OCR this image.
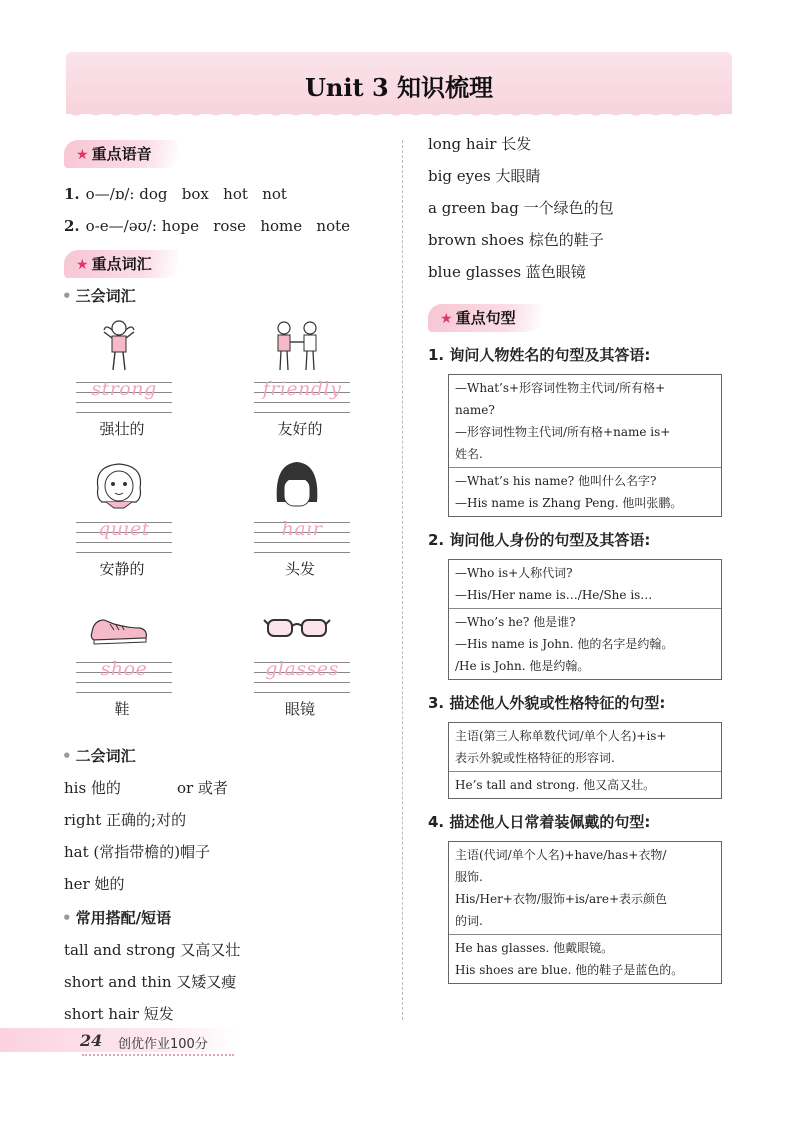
Unit 3 知识梳理
★ 重点语音

1. o—/ɒ/: dog   box   hot   not

2. o-e—/əʊ/: hope   rose   home   note

★ 重点词汇
• 三会词汇
strong
强壮的
friendly
友好的
quiet
安静的
hair
头发
shoe
鞋
glasses
眼镜
• 二会词汇

his 他的	or 或者

right 正确的;对的

hat (常指带檐的)帽子

her 她的

• 常用搭配/短语

tall and strong 又高又壮

short and thin 又矮又瘦

short hair 短发

long hair 长发

big eyes 大眼睛

a green bag 一个绿色的包

brown shoes 棕色的鞋子

blue glasses 蓝色眼镜

★ 重点句型
1. 询问人物姓名的句型及其答语:
—What’s+形容词性物主代词/所有格+
name?
—形容词性物主代词/所有格+name is+
姓名.
—What’s his name? 他叫什么名字?
—His name is Zhang Peng. 他叫张鹏。
2. 询问他人身份的句型及其答语:
—Who is+人称代词?
—His/Her name is…/He/She is…
—Who’s he? 他是谁?
—His name is John. 他的名字是约翰。
/He is John. 他是约翰。
3. 描述他人外貌或性格特征的句型:
主语(第三人称单数代词/单个人名)+is+
表示外貌或性格特征的形容词.
He’s tall and strong. 他又高又壮。
4. 描述他人日常着装佩戴的句型:
主语(代词/单个人名)+have/has+衣物/
服饰.
His/Her+衣物/服饰+is/are+表示颜色
的词.
He has glasses. 他戴眼镜。
His shoes are blue. 他的鞋子是蓝色的。
24 创优作业100分
